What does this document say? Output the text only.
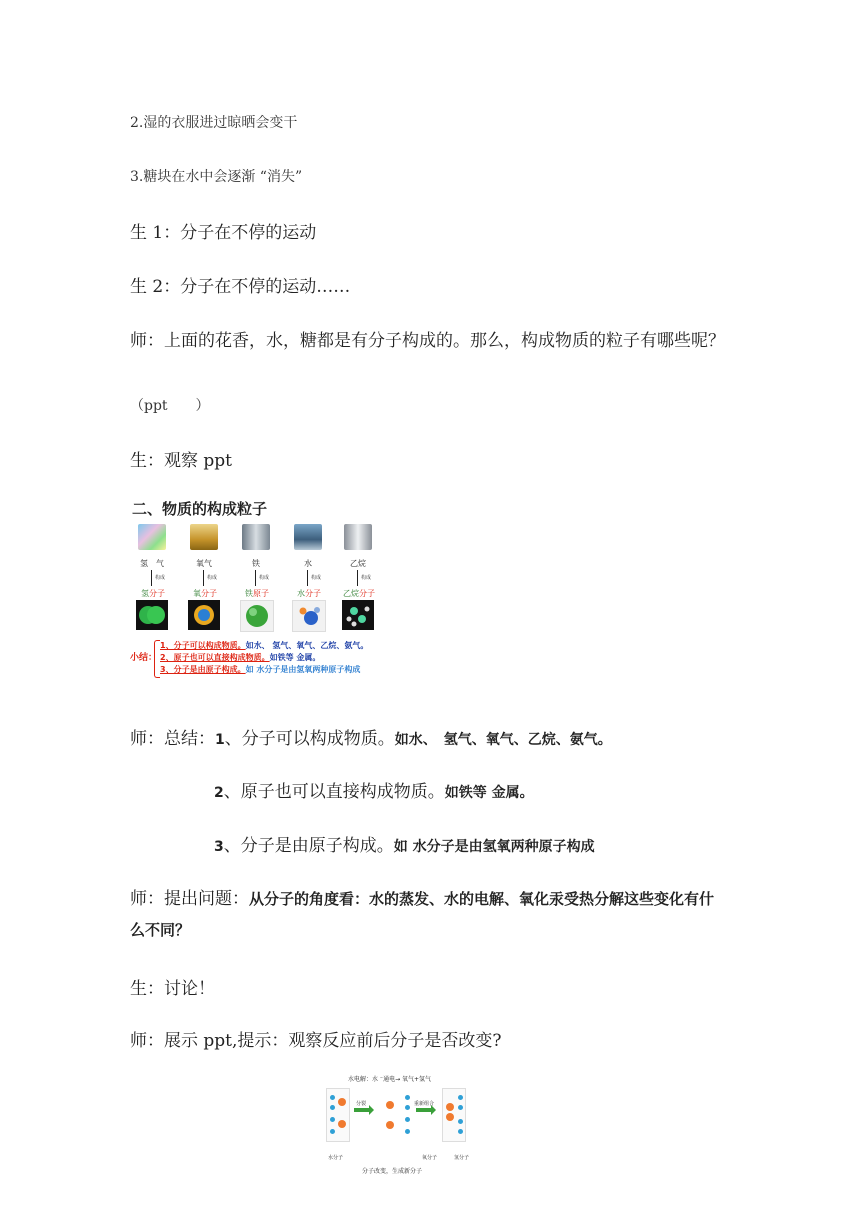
2.湿的衣服进过晾晒会变干
3.糖块在水中会逐渐 “消失”
生 1：分子在不停的运动
生 2：分子在不停的运动……
师：上面的花香，水，糖都是有分子构成的。那么，构成物质的粒子有哪些呢？
（ppt　　）
生：观察 ppt
二、物质的构成粒子
氢　气
构成
氢分子
氧气
构成
氧分子
铁
构成
铁原子
水
构成
水分子
乙烷
构成
乙烷分子
小结：
1、分子可以构成物质。如水、 氢气、氧气、乙烷、氨气。
2、原子也可以直接构成物质。如铁等 金属。
3、分子是由原子构成。如 水分子是由氢氧两种原子构成
师：总结：1、分子可以构成物质。如水、　氢气、氧气、乙烷、氨气。
2、原子也可以直接构成物质。如铁等 金属。
3、分子是由原子构成。如 水分子是由氢氧两种原子构成
师：提出问题：从分子的角度看：水的蒸发、水的电解、氧化汞受热分解这些变化有什
么不同？
生：讨论！
师：展示 ppt,提示：观察反应前后分子是否改变?
水电解：水 ⁻通电→ 氧气+氢气
分裂	重新组合
水分子	氧分子	氢分子
分子改变，生成新分子
